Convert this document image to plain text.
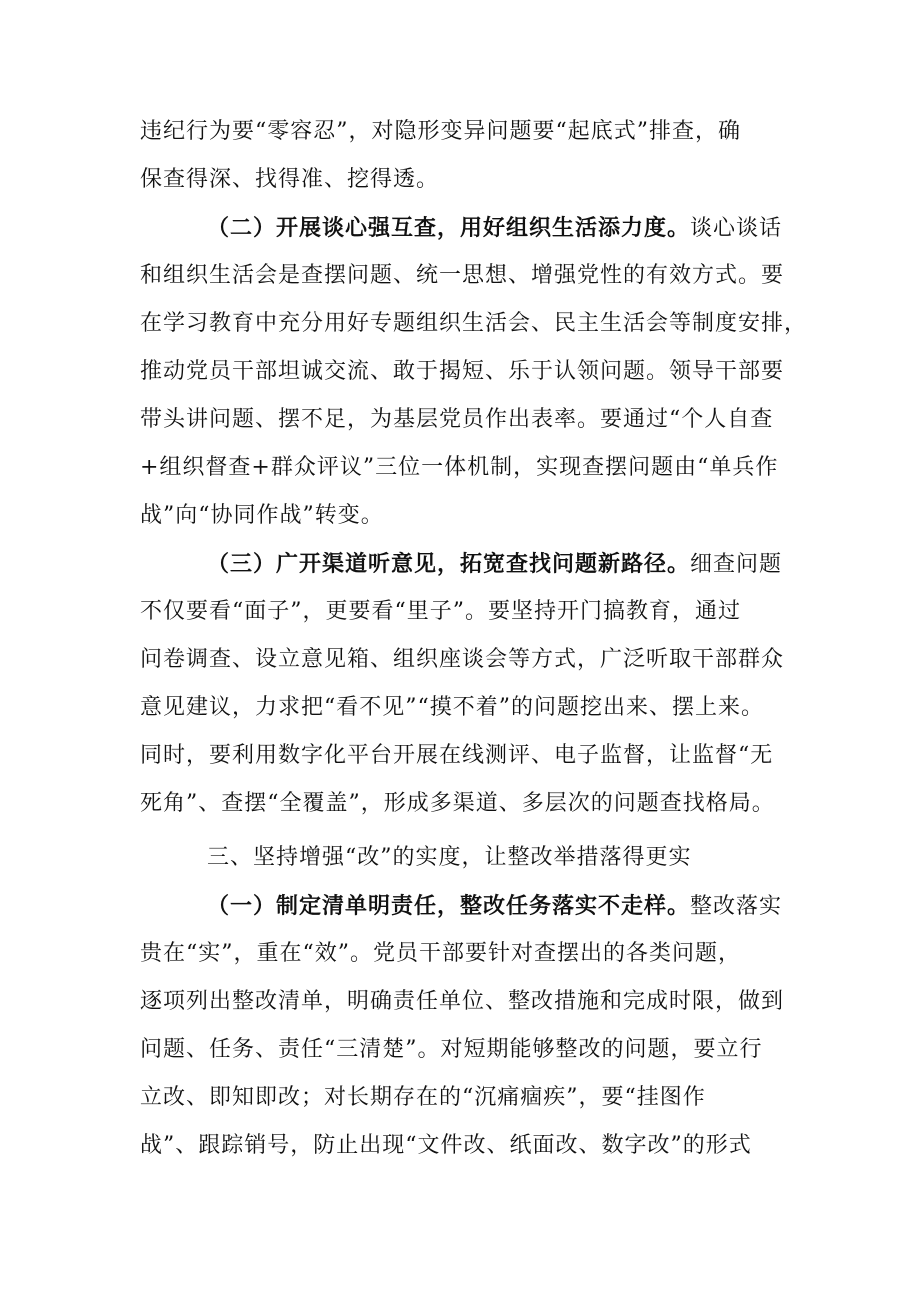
违纪行为要“零容忍”，对隐形变异问题要“起底式”排查，确
保查得深、找得准、挖得透。
（二）开展谈心强互查，用好组织生活添力度。谈心谈话
和组织生活会是查摆问题、统一思想、增强党性的有效方式。要
在学习教育中充分用好专题组织生活会、民主生活会等制度安排，
推动党员干部坦诚交流、敢于揭短、乐于认领问题。领导干部要
带头讲问题、摆不足，为基层党员作出表率。要通过“个人自查
+组织督查+群众评议”三位一体机制，实现查摆问题由“单兵作
战”向“协同作战”转变。
（三）广开渠道听意见，拓宽查找问题新路径。细查问题
不仅要看“面子”，更要看“里子”。要坚持开门搞教育，通过
问卷调查、设立意见箱、组织座谈会等方式，广泛听取干部群众
意见建议，力求把“看不见”“摸不着”的问题挖出来、摆上来。
同时，要利用数字化平台开展在线测评、电子监督，让监督“无
死角”、查摆“全覆盖”，形成多渠道、多层次的问题查找格局。
三、坚持增强“改”的实度，让整改举措落得更实
（一）制定清单明责任，整改任务落实不走样。整改落实
贵在“实”，重在“效”。党员干部要针对查摆出的各类问题，
逐项列出整改清单，明确责任单位、整改措施和完成时限，做到
问题、任务、责任“三清楚”。对短期能够整改的问题，要立行
立改、即知即改；对长期存在的“沉痛痼疾”，要“挂图作
战”、跟踪销号，防止出现“文件改、纸面改、数字改”的形式
